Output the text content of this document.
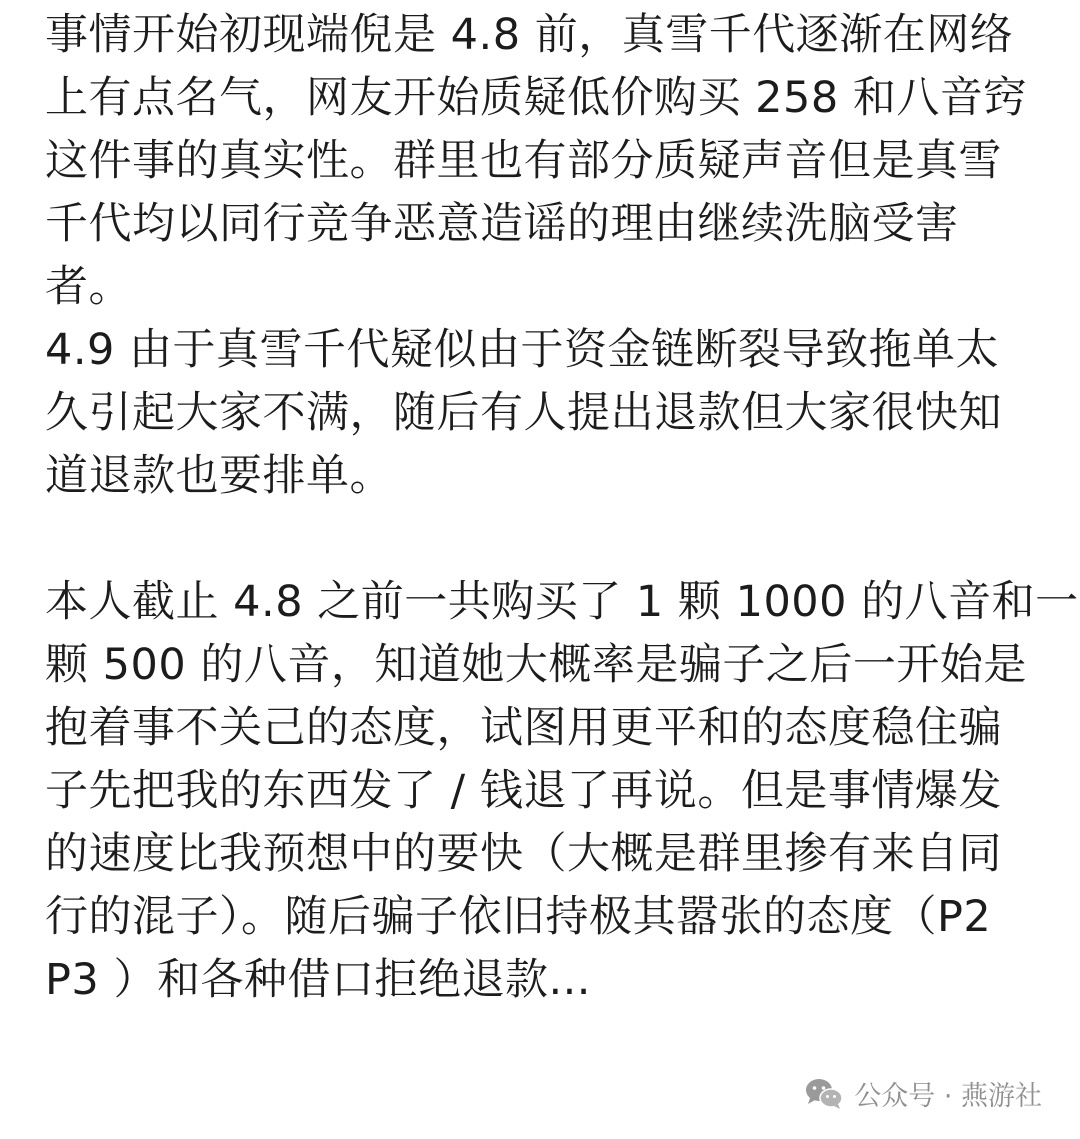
事情开始初现端倪是 4.8 前，真雪千代逐渐在网络
上有点名气，网友开始质疑低价购买 258 和八音窍
这件事的真实性。群里也有部分质疑声音但是真雪
千代均以同行竞争恶意造谣的理由继续洗脑受害
者。
4.9 由于真雪千代疑似由于资金链断裂导致拖单太
久引起大家不满，随后有人提出退款但大家很快知
道退款也要排单。
本人截止 4.8 之前一共购买了 1 颗 1000 的八音和一
颗 500 的八音，知道她大概率是骗子之后一开始是
抱着事不关己的态度，试图用更平和的态度稳住骗
子先把我的东西发了 / 钱退了再说。但是事情爆发
的速度比我预想中的要快（大概是群里掺有来自同
行的混子）。随后骗子依旧持极其嚣张的态度（P2
P3 ）和各种借口拒绝退款...
公众号 · 燕游社
